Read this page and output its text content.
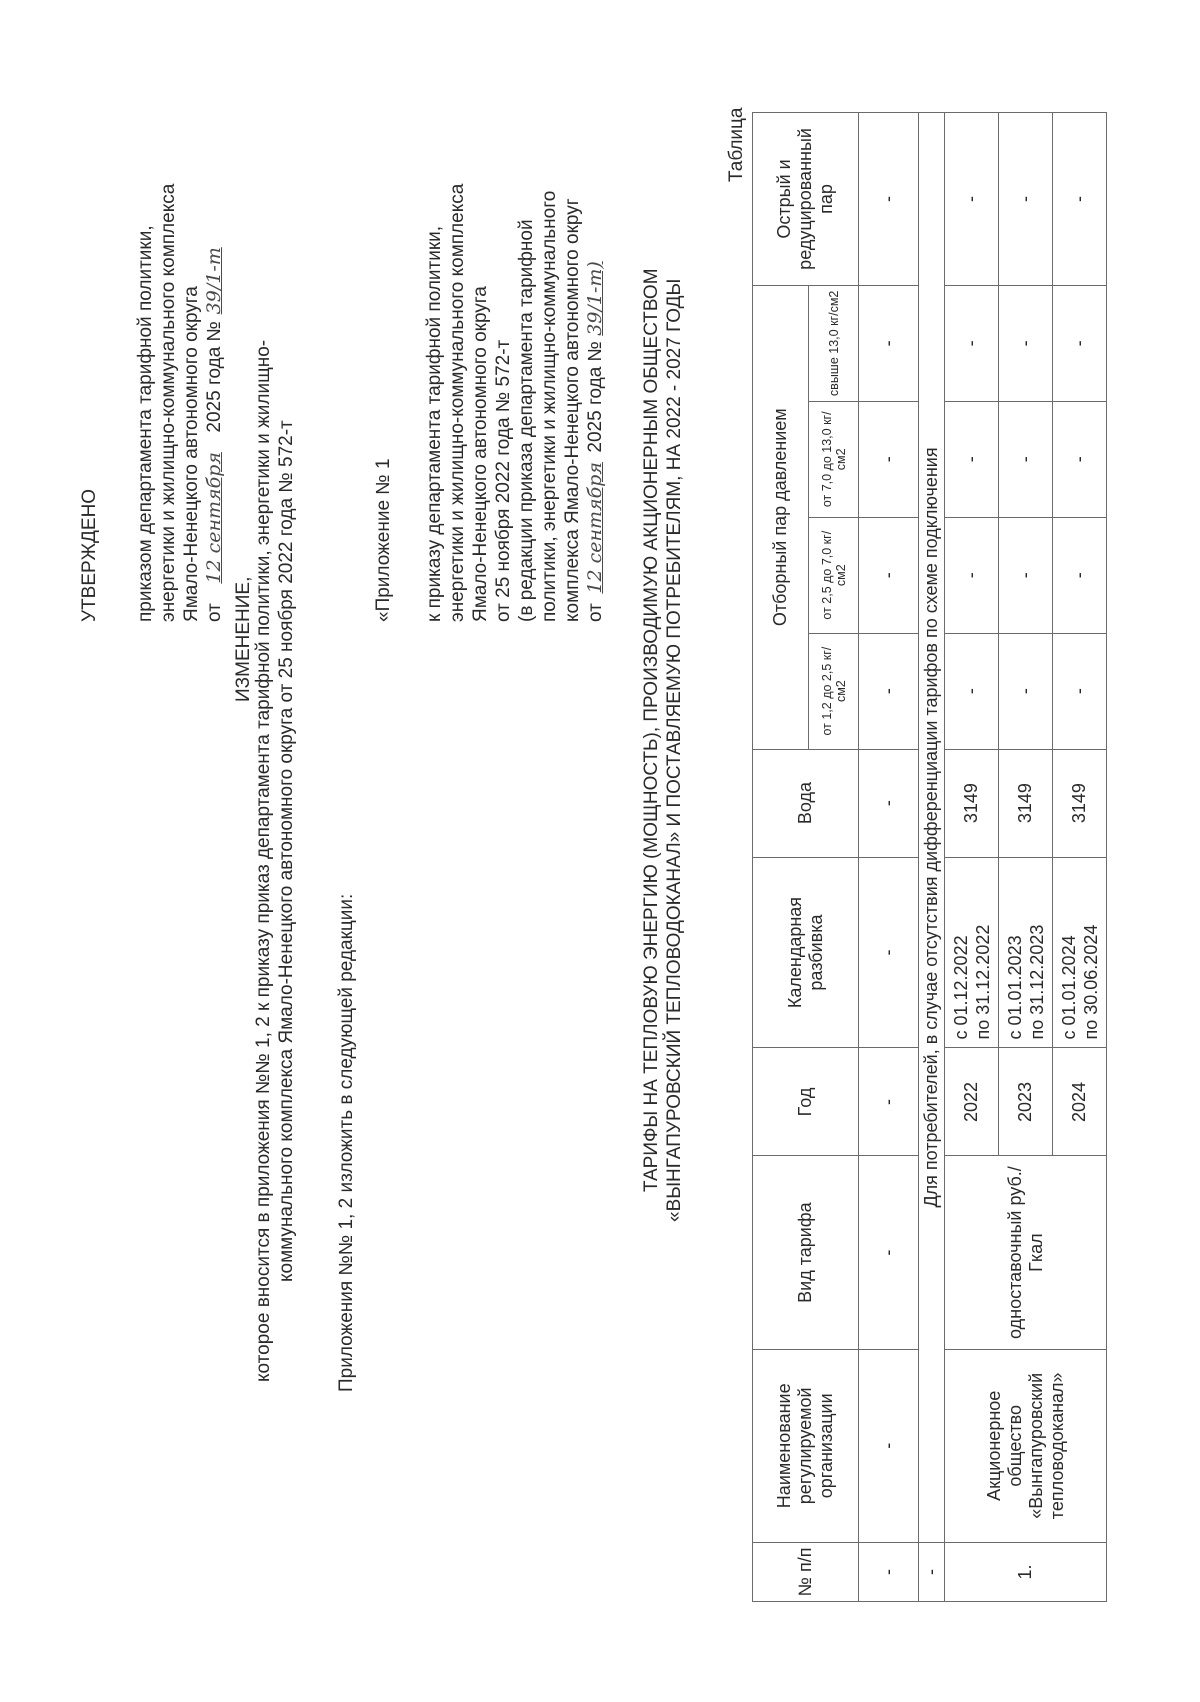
УТВЕРЖДЕНО приказом департамента тарифной политики, энергетики и жилищно-коммунального комплекса Ямало-Ненецкого автономного округа от 12 сентября 2025 года № 39/1-т
ИЗМЕНЕНИЕ, которое вносится в приложения №№ 1, 2 к приказу приказ департамента тарифной политики, энергетики и жилищно- коммунального комплекса Ямало-Ненецкого автономного округа от 25 ноября 2022 года № 572-т Приложения №№ 1, 2 изложить в следующей редакции:
«Приложение № 1 к приказу департамента тарифной политики, энергетики и жилищно-коммунального комплекса Ямало-Ненецкого автономного округа от 25 ноября 2022 года № 572-т (в редакции приказа департамента тарифной политики, энергетики и жилищно-коммунального комплекса Ямало-Ненецкого автономного округ от 12 сентября 2025 года № 39/1-т) ТАРИФЫ НА ТЕПЛОВУЮ ЭНЕРГИЮ (МОЩНОСТЬ), ПРОИЗВОДИМУЮ АКЦИОНЕРНЫМ ОБЩЕСТВОМ «ВЫНГАПУРОВСКИЙ ТЕПЛОВОДОКАНАЛ» И ПОСТАВЛЯЕМУЮ ПОТРЕБИТЕЛЯМ, НА 2022 - 2027 ГОДЫ
Таблица
№ п/п	Наименование регулируемой организации	Вид тарифа	Год	Календарная разбивка	Вода	Отборный пар давлением				Острый и редуцированный пар
						от 1,2 до 2,5 кг/см2	от 2,5 до 7,0 кг/см2	от 7,0 до 13,0 кг/см2	свыше 13,0 кг/см2	
-	-	-	-	-	-	-	-	-	-	-
-	Для потребителей, в случае отсутствия дифференциации тарифов по схеме подключения									
1.	Акционерное общество «Вынгапуровский тепловодоканал»	одноставочный руб./Гкал	2022	с 01.12.2022 по 31.12.2022	3149	-	-	-	-	-
			2023	с 01.01.2023 по 31.12.2023	3149	-	-	-	-	-
			2024	с 01.01.2024 по 30.06.2024	3149	-	-	-	-	-
